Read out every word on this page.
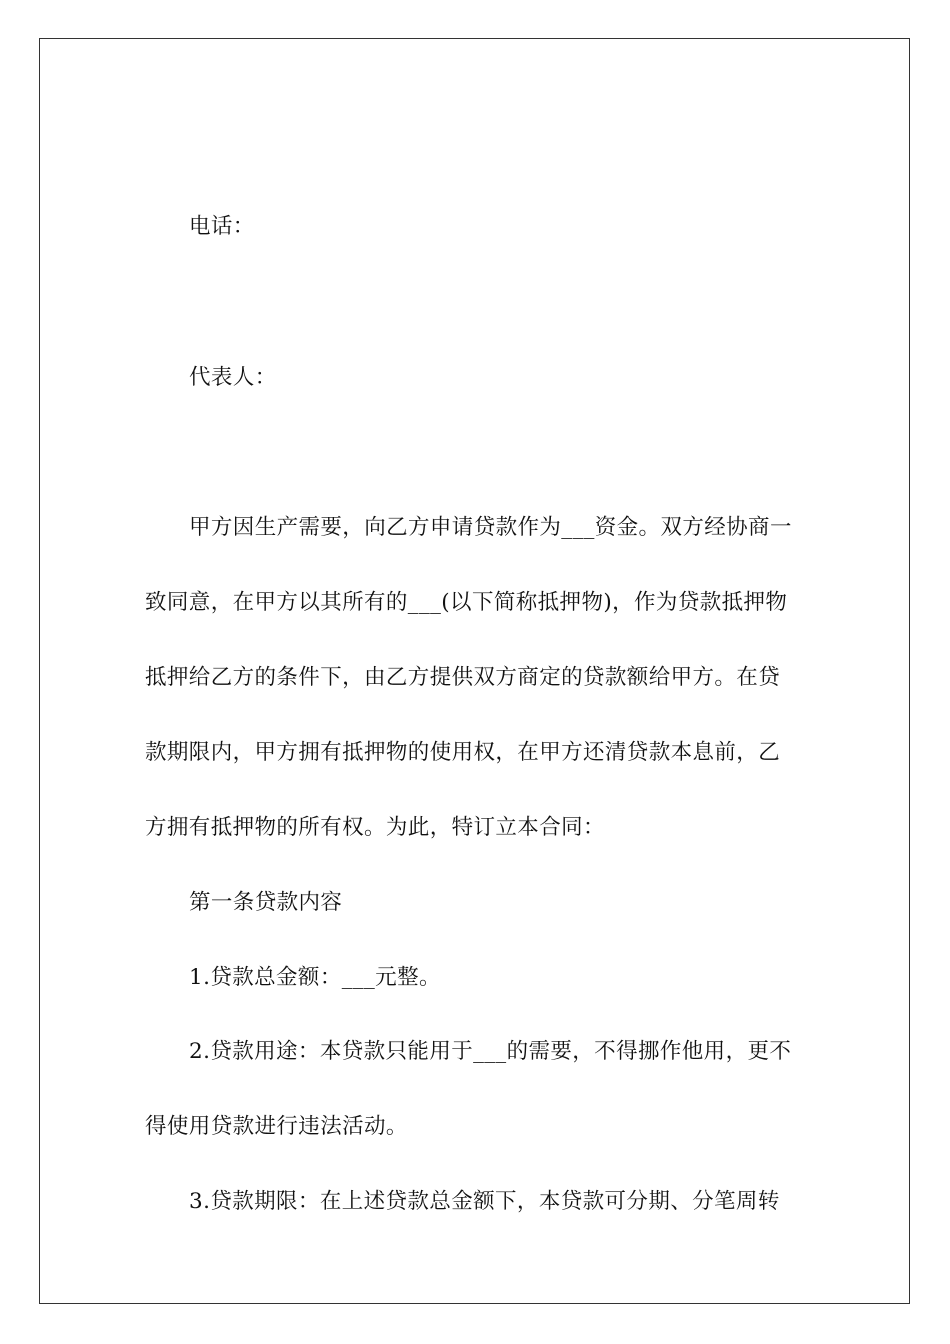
电话：
代表人：
甲方因生产需要，向乙方申请贷款作为___资金。双方经协商一
致同意，在甲方以其所有的___(以下简称抵押物)，作为贷款抵押物
抵押给乙方的条件下，由乙方提供双方商定的贷款额给甲方。在贷
款期限内，甲方拥有抵押物的使用权，在甲方还清贷款本息前，乙
方拥有抵押物的所有权。为此，特订立本合同：
第一条贷款内容
1.贷款总金额：___元整。
2.贷款用途：本贷款只能用于___的需要，不得挪作他用，更不
得使用贷款进行违法活动。
3.贷款期限：在上述贷款总金额下，本贷款可分期、分笔周转
